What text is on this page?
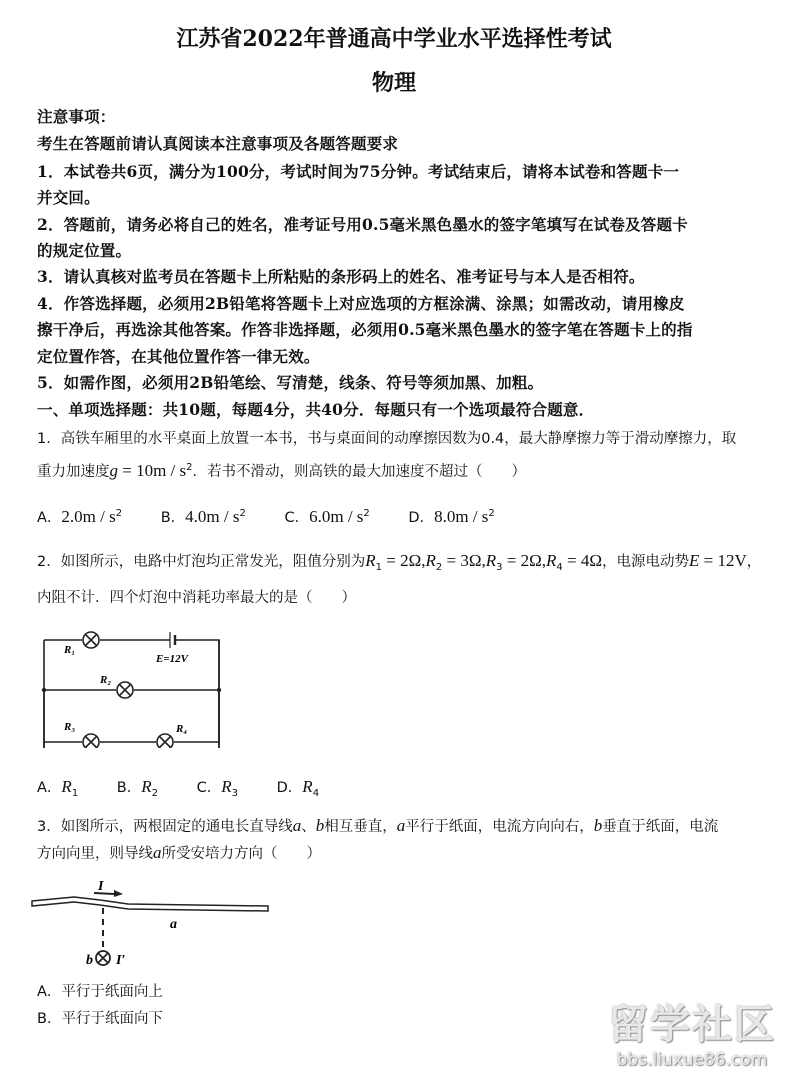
江苏省2022年普通高中学业水平选择性考试
物理
注意事项：
考生在答题前请认真阅读本注意事项及各题答题要求
1．本试卷共6页，满分为100分，考试时间为75分钟。考试结束后，请将本试卷和答题卡一
并交回。
2．答题前，请务必将自己的姓名，准考证号用0.5毫米黑色墨水的签字笔填写在试卷及答题卡
的规定位置。
3．请认真核对监考员在答题卡上所粘贴的条形码上的姓名、准考证号与本人是否相符。
4．作答选择题，必须用2B铅笔将答题卡上对应选项的方框涂满、涂黑；如需改动，请用橡皮
擦干净后，再选涂其他答案。作答非选择题，必须用0.5毫米黑色墨水的签字笔在答题卡上的指
定位置作答，在其他位置作答一律无效。
5．如需作图，必须用2B铅笔绘、写清楚，线条、符号等须加黑、加粗。
一、单项选择题：共10题，每题4分，共40分．每题只有一个选项最符合题意．
1．高铁车厢里的水平桌面上放置一本书，书与桌面间的动摩擦因数为0.4，最大静摩擦力等于滑动摩擦力，取
重力加速度$g = 10m / s^2$．若书不滑动，则高铁的最大加速度不超过（　　）
A．$2.0m / s^2$	B．$4.0m / s^2$	C．$6.0m / s^2$	D．$8.0m / s^2$
2．如图所示，电路中灯泡均正常发光，阻值分别为$R_1 = 2\Omega,R_2 = 3\Omega,R_3 = 2\Omega,R_4 = 4\Omega$，电源电动势E = 12V，
内阻不计．四个灯泡中消耗功率最大的是（　　）
R₁
R₂
R₃	R₄
E=12V
A．$R_1$	B．$R_2$	C．$R_3$	D．$R_4$
3．如图所示，两根固定的通电长直导线a、b相互垂直，a平行于纸面，电流方向向右，b垂直于纸面，电流
方向向里，则导线a所受安培力方向（　　）
I
a
b I′
A．平行于纸面向上
B．平行于纸面向下	留学社区
bbs.liuxue86.com
